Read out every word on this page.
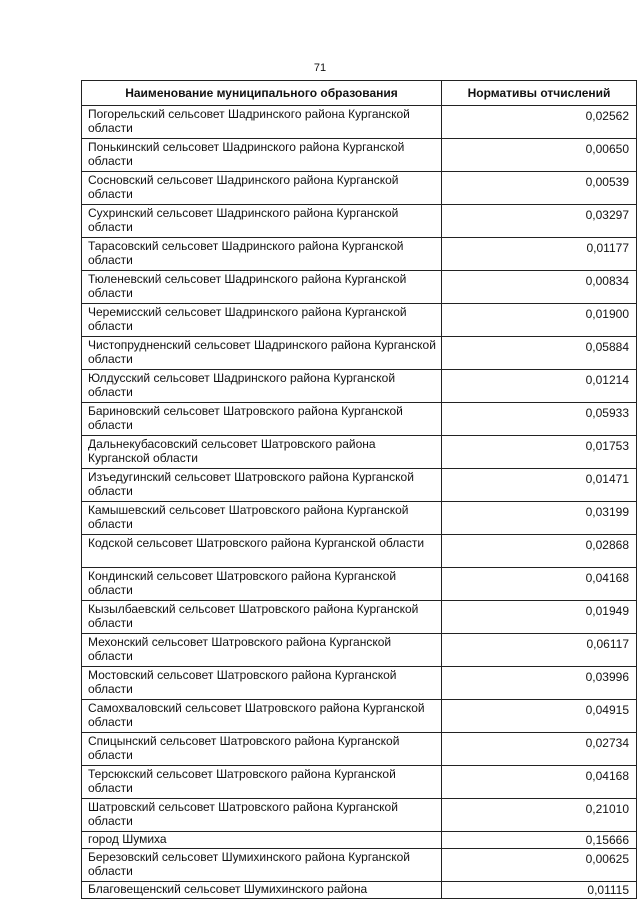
71
Наименование муниципального образования	Нормативы отчислений
Погорельский сельсовет Шадринского района Курганской области	0,02562
Понькинский сельсовет Шадринского района Курганской области	0,00650
Сосновский сельсовет Шадринского района Курганской области	0,00539
Сухринский сельсовет Шадринского района Курганской области	0,03297
Тарасовский сельсовет Шадринского района Курганской области	0,01177
Тюленевский сельсовет Шадринского района Курганской области	0,00834
Черемисский сельсовет Шадринского района Курганской области	0,01900
Чистопрудненский сельсовет Шадринского района Курганской области	0,05884
Юлдусский сельсовет Шадринского района Курганской области	0,01214
Бариновский сельсовет Шатровского района Курганской области	0,05933
Дальнекубасовский сельсовет Шатровского района Курганской области	0,01753
Изъедугинский сельсовет Шатровского района Курганской области	0,01471
Камышевский сельсовет Шатровского района Курганской области	0,03199
Кодской сельсовет Шатровского района Курганской области	0,02868
Кондинский сельсовет Шатровского района Курганской области	0,04168
Кызылбаевский сельсовет Шатровского района Курганской области	0,01949
Мехонский сельсовет Шатровского района Курганской области	0,06117
Мостовский сельсовет Шатровского района Курганской области	0,03996
Самохваловский сельсовет Шатровского района Курганской области	0,04915
Спицынский сельсовет Шатровского района Курганской области	0,02734
Терсюкский сельсовет Шатровского района Курганской области	0,04168
Шатровский сельсовет Шатровского района Курганской области	0,21010
город Шумиха	0,15666
Березовский сельсовет Шумихинского района Курганской области	0,00625
Благовещенский сельсовет Шумихинского района	0,01115
